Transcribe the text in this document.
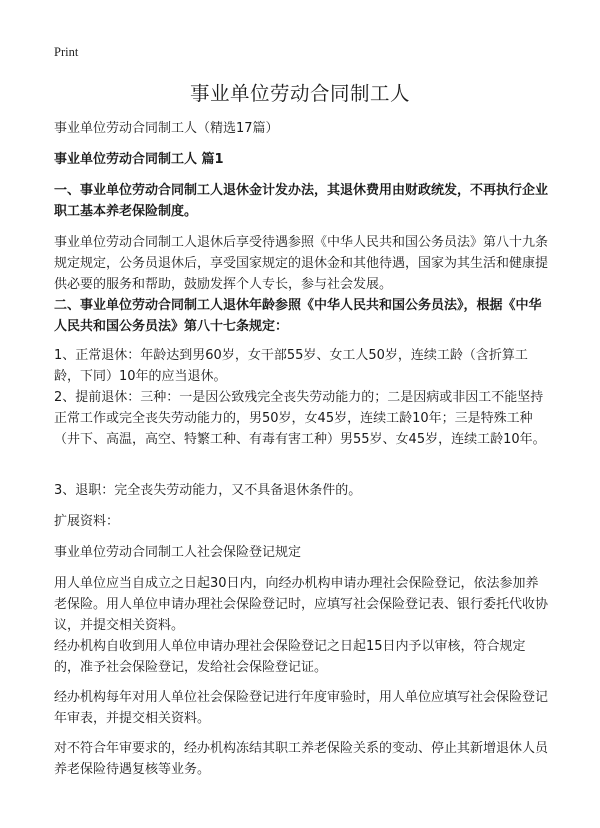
Print
事业单位劳动合同制工人

事业单位劳动合同制工人（精选17篇）

事业单位劳动合同制工人 篇1

一、事业单位劳动合同制工人退休金计发办法，其退休费用由财政统发，不再执行企业职工基本养老保险制度。

事业单位劳动合同制工人退休后享受待遇参照《中华人民共和国公务员法》第八十九条规定规定，公务员退休后，享受国家规定的退休金和其他待遇，国家为其生活和健康提供必要的服务和帮助，鼓励发挥个人专长，参与社会发展。

二、事业单位劳动合同制工人退休年龄参照《中华人民共和国公务员法》，根据《中华人民共和国公务员法》第八十七条规定：

1、正常退休：年龄达到男60岁，女干部55岁、女工人50岁，连续工龄（含折算工龄，下同）10年的应当退休。

2、提前退休：三种：一是因公致残完全丧失劳动能力的；二是因病或非因工不能坚持正常工作或完全丧失劳动能力的，男50岁，女45岁，连续工龄10年；三是特殊工种（井下、高温，高空、特繁工种、有毒有害工种）男55岁、女45岁，连续工龄10年。

3、退职：完全丧失劳动能力，又不具备退休条件的。

扩展资料：

事业单位劳动合同制工人社会保险登记规定

用人单位应当自成立之日起30日内，向经办机构申请办理社会保险登记，依法参加养老保险。用人单位申请办理社会保险登记时，应填写社会保险登记表、银行委托代收协议，并提交相关资料。

经办机构自收到用人单位申请办理社会保险登记之日起15日内予以审核，符合规定的，准予社会保险登记，发给社会保险登记证。

经办机构每年对用人单位社会保险登记进行年度审验时，用人单位应填写社会保险登记年审表，并提交相关资料。

对不符合年审要求的，经办机构冻结其职工养老保险关系的变动、停止其新增退休人员养老保险待遇复核等业务。
